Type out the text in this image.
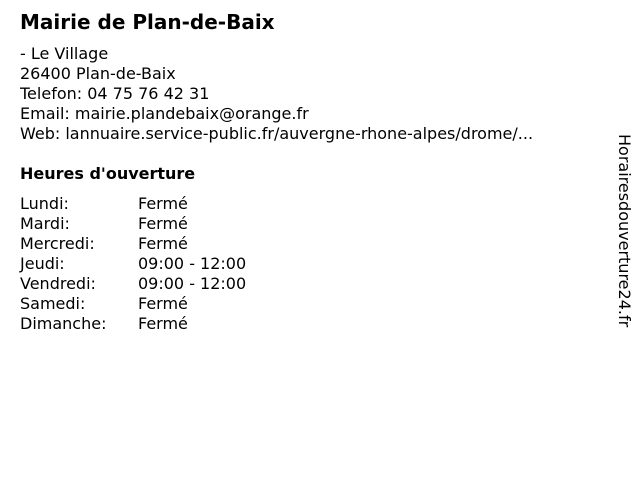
Mairie de Plan-de-Baix
- Le Village
26400 Plan-de-Baix
Telefon: 04 75 76 42 31
Email: mairie.plandebaix@orange.fr
Web: lannuaire.service-public.fr/auvergne-rhone-alpes/drome/...
Heures d'ouverture
Lundi:	Fermé
Mardi:	Fermé
Mercredi:	Fermé
Jeudi:	09:00 - 12:00
Vendredi:	09:00 - 12:00
Samedi:	Fermé
Dimanche: Fermé	Horairesdouverture24.fr
